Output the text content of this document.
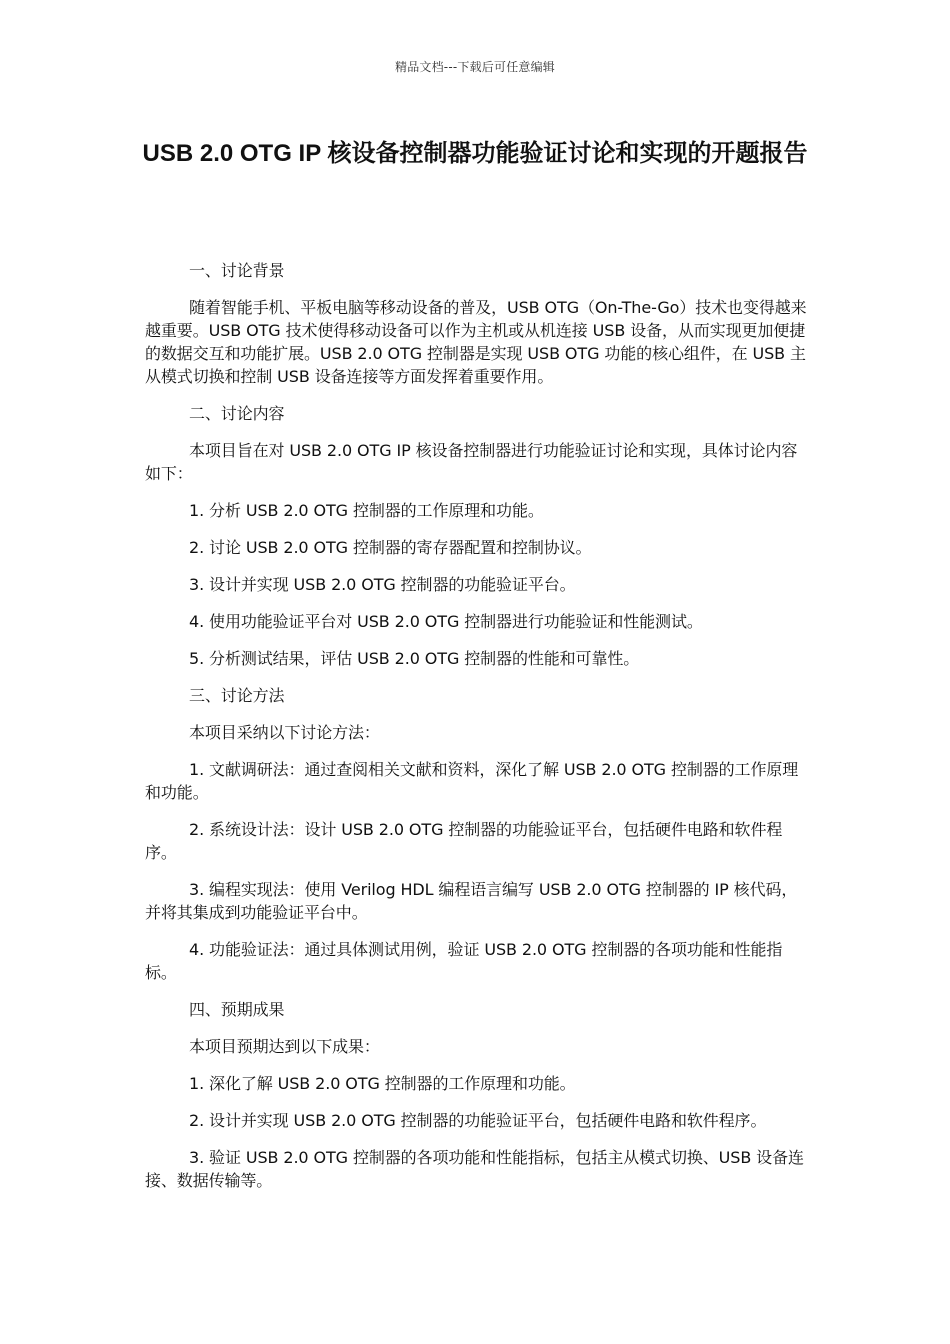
精品文档---下载后可任意编辑
USB 2.0 OTG IP 核设备控制器功能验证讨论和实现的开题报告

一、讨论背景

随着智能手机、平板电脑等移动设备的普及，USB OTG（On-The-Go）技术也变得越来越重要。USB OTG 技术使得移动设备可以作为主机或从机连接 USB 设备，从而实现更加便捷的数据交互和功能扩展。USB 2.0 OTG 控制器是实现 USB OTG 功能的核心组件，在 USB 主从模式切换和控制 USB 设备连接等方面发挥着重要作用。

二、讨论内容

本项目旨在对 USB 2.0 OTG IP 核设备控制器进行功能验证讨论和实现，具体讨论内容如下：

1. 分析 USB 2.0 OTG 控制器的工作原理和功能。

2. 讨论 USB 2.0 OTG 控制器的寄存器配置和控制协议。

3. 设计并实现 USB 2.0 OTG 控制器的功能验证平台。

4. 使用功能验证平台对 USB 2.0 OTG 控制器进行功能验证和性能测试。

5. 分析测试结果，评估 USB 2.0 OTG 控制器的性能和可靠性。

三、讨论方法

本项目采纳以下讨论方法：

1. 文献调研法：通过查阅相关文献和资料，深化了解 USB 2.0 OTG 控制器的工作原理和功能。

2. 系统设计法：设计 USB 2.0 OTG 控制器的功能验证平台，包括硬件电路和软件程序。

3. 编程实现法：使用 Verilog HDL 编程语言编写 USB 2.0 OTG 控制器的 IP 核代码，并将其集成到功能验证平台中。

4. 功能验证法：通过具体测试用例，验证 USB 2.0 OTG 控制器的各项功能和性能指标。

四、预期成果

本项目预期达到以下成果：

1. 深化了解 USB 2.0 OTG 控制器的工作原理和功能。

2. 设计并实现 USB 2.0 OTG 控制器的功能验证平台，包括硬件电路和软件程序。

3. 验证 USB 2.0 OTG 控制器的各项功能和性能指标，包括主从模式切换、USB 设备连接、数据传输等。
